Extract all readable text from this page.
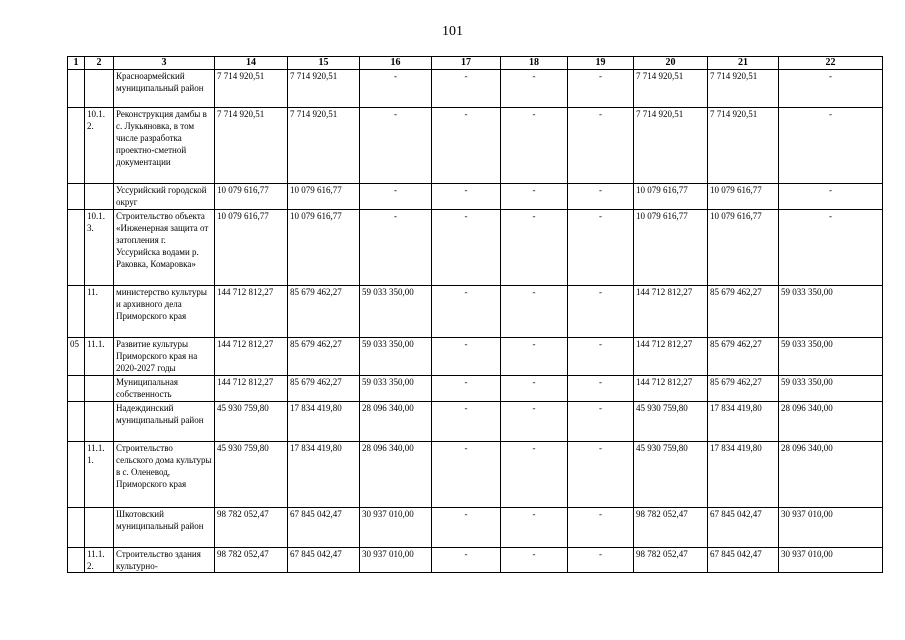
101
1	2	3	14	15	16	17	18	19	20	21	22
		Красноармейский муниципальный район	7 714 920,51	7 714 920,51	-	-	-	-	7 714 920,51	7 714 920,51	-
	10.1.2.	Реконструкция дамбы в с. Лукьяновка, в том числе разработка проектно-сметной документации	7 714 920,51	7 714 920,51	-	-	-	-	7 714 920,51	7 714 920,51	-
		Уссурийский городской округ	10 079 616,77	10 079 616,77	-	-	-	-	10 079 616,77	10 079 616,77	-
	10.1.3.	Строительство объекта «Инженерная защита от затопления г. Уссурийска водами р. Раковка, Комаровка»	10 079 616,77	10 079 616,77	-	-	-	-	10 079 616,77	10 079 616,77	-
	11.	министерство культуры и архивного дела Приморского края	144 712 812,27	85 679 462,27	59 033 350,00	-	-	-	144 712 812,27	85 679 462,27	59 033 350,00
05	11.1.	Развитие культуры Приморского края на 2020-2027 годы	144 712 812,27	85 679 462,27	59 033 350,00	-	-	-	144 712 812,27	85 679 462,27	59 033 350,00
		Муниципальная собственность	144 712 812,27	85 679 462,27	59 033 350,00	-	-	-	144 712 812,27	85 679 462,27	59 033 350,00
		Надеждинский муниципальный район	45 930 759,80	17 834 419,80	28 096 340,00	-	-	-	45 930 759,80	17 834 419,80	28 096 340,00
	11.1.1.	Строительство сельского дома культуры в с. Оленевод, Приморского края	45 930 759,80	17 834 419,80	28 096 340,00	-	-	-	45 930 759,80	17 834 419,80	28 096 340,00
		Шкотовский муниципальный район	98 782 052,47	67 845 042,47	30 937 010,00	-	-	-	98 782 052,47	67 845 042,47	30 937 010,00
	11.1.2.	Строительство здания культурно-	98 782 052,47	67 845 042,47	30 937 010,00	-	-	-	98 782 052,47	67 845 042,47	30 937 010,00
